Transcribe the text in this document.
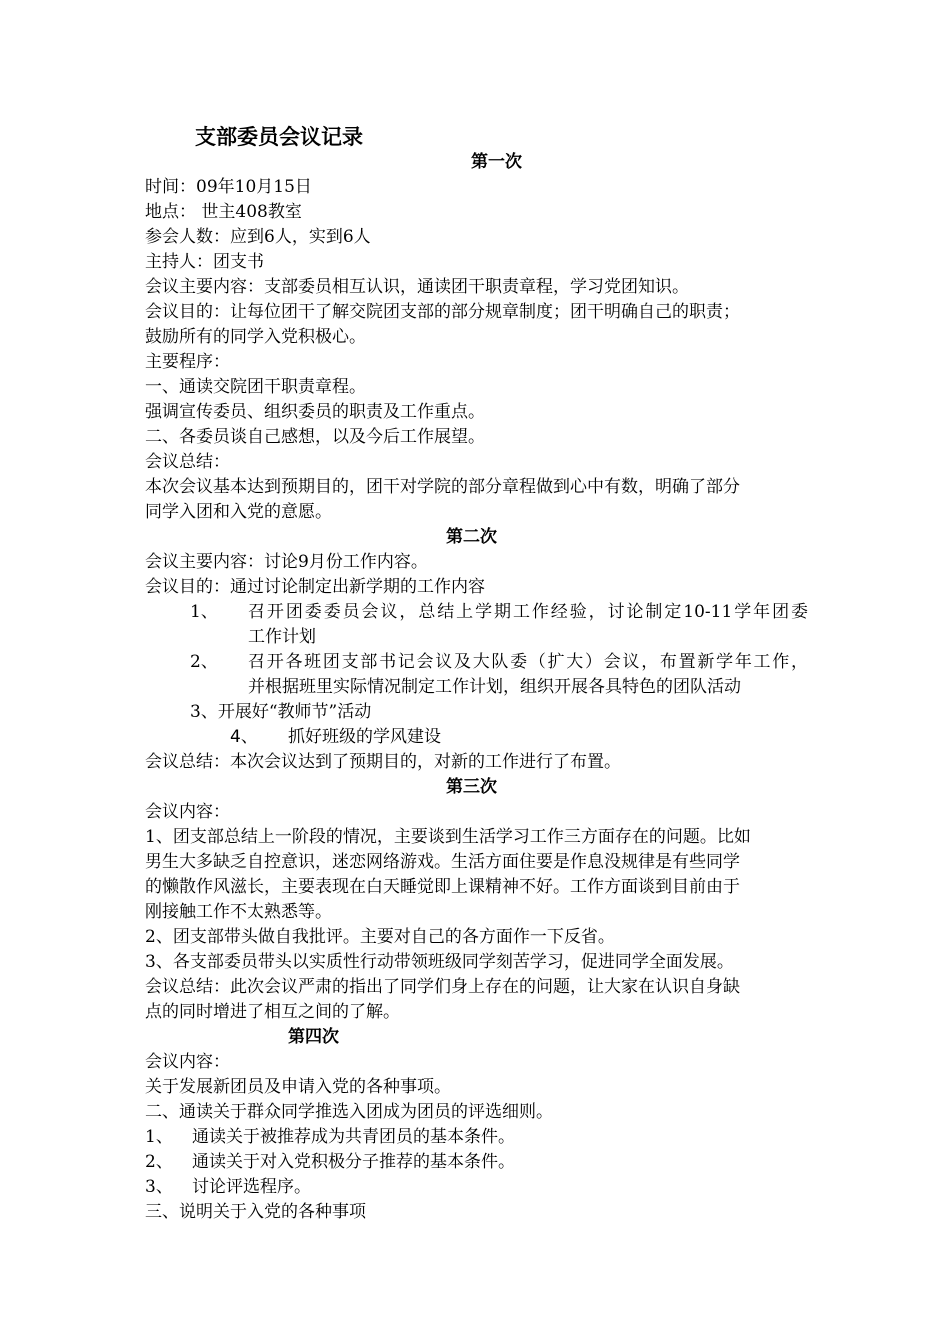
支部委员会议记录
第一次
时间：09年10月15日
地点： 世主408教室
参会人数：应到6人，实到6人
主持人：团支书
会议主要内容：支部委员相互认识，通读团干职责章程，学习党团知识。
会议目的：让每位团干了解交院团支部的部分规章制度；团干明确自己的职责；
鼓励所有的同学入党积极心。
主要程序：
一、通读交院团干职责章程。
强调宣传委员、组织委员的职责及工作重点。
二、各委员谈自己感想，以及今后工作展望。
会议总结：
本次会议基本达到预期目的，团干对学院的部分章程做到心中有数，明确了部分
同学入团和入党的意愿。
第二次
会议主要内容：讨论9月份工作内容。
会议目的：通过讨论制定出新学期的工作内容
1、 召开团委委员会议，总结上学期工作经验，讨论制定10-11学年团委
工作计划
2、 召开各班团支部书记会议及大队委（扩大）会议，布置新学年工作，
并根据班里实际情况制定工作计划，组织开展各具特色的团队活动
3、开展好“教师节”活动
4、 抓好班级的学风建设
会议总结：本次会议达到了预期目的，对新的工作进行了布置。
第三次
会议内容：
1、团支部总结上一阶段的情况，主要谈到生活学习工作三方面存在的问题。比如
男生大多缺乏自控意识，迷恋网络游戏。生活方面住要是作息没规律是有些同学
的懒散作风滋长，主要表现在白天睡觉即上课精神不好。工作方面谈到目前由于
刚接触工作不太熟悉等。
2、团支部带头做自我批评。主要对自己的各方面作一下反省。
3、各支部委员带头以实质性行动带领班级同学刻苦学习，促进同学全面发展。
会议总结：此次会议严肃的指出了同学们身上存在的问题，让大家在认识自身缺
点的同时增进了相互之间的了解。
第四次
会议内容：
关于发展新团员及申请入党的各种事项。
二、通读关于群众同学推选入团成为团员的评选细则。
1、 通读关于被推荐成为共青团员的基本条件。
2、 通读关于对入党积极分子推荐的基本条件。
3、 讨论评选程序。
三、说明关于入党的各种事项
